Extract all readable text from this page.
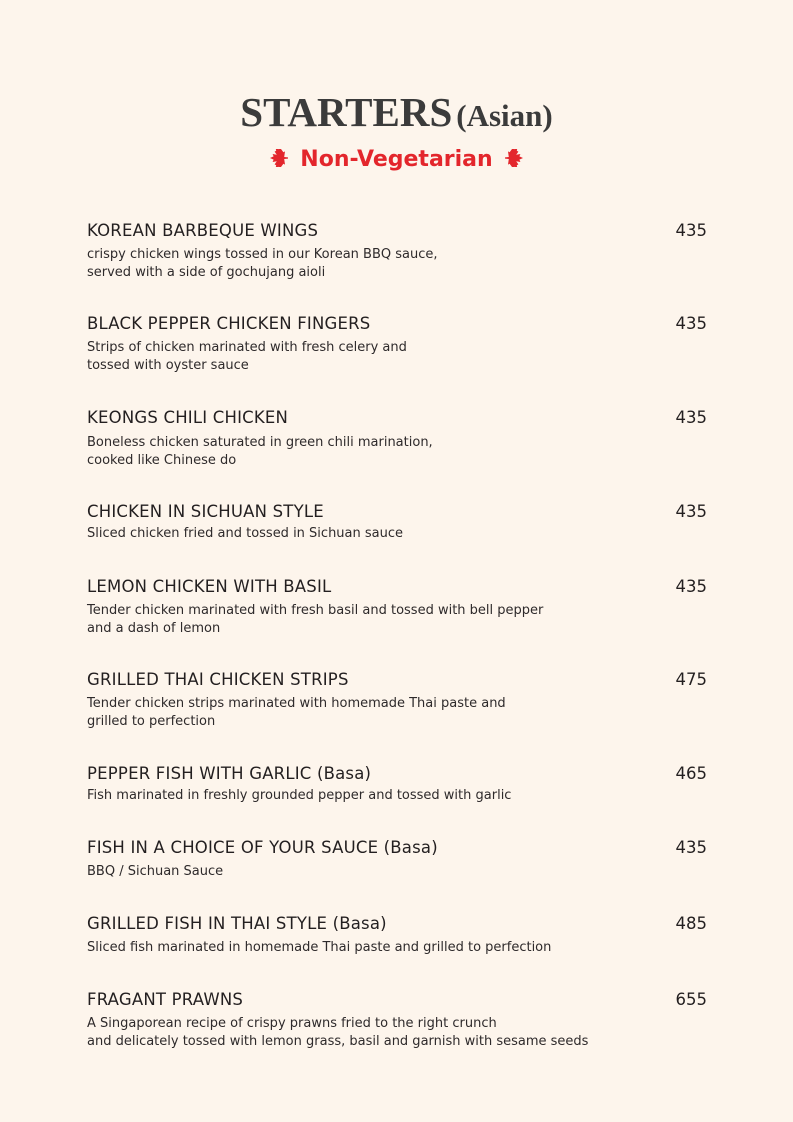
STARTERS (Asian)
Non-Vegetarian
KOREAN BARBEQUE WINGS	435
crispy chicken wings tossed in our Korean BBQ sauce,
served with a side of gochujang aioli
BLACK PEPPER CHICKEN FINGERS	435
Strips of chicken marinated with fresh celery and
tossed with oyster sauce
KEONGS CHILI CHICKEN	435
Boneless chicken saturated in green chili marination,
cooked like Chinese do
CHICKEN IN SICHUAN STYLE	435
Sliced chicken fried and tossed in Sichuan sauce
LEMON CHICKEN WITH BASIL	435
Tender chicken marinated with fresh basil and tossed with bell pepper
and a dash of lemon
GRILLED THAI CHICKEN STRIPS	475
Tender chicken strips marinated with homemade Thai paste and
grilled to perfection
PEPPER FISH WITH GARLIC (Basa)	465
Fish marinated in freshly grounded pepper and tossed with garlic
FISH IN A CHOICE OF YOUR SAUCE (Basa)	435
BBQ / Sichuan Sauce
GRILLED FISH IN THAI STYLE (Basa)	485
Sliced fish marinated in homemade Thai paste and grilled to perfection
FRAGANT PRAWNS	655
A Singaporean recipe of crispy prawns fried to the right crunch
and delicately tossed with lemon grass, basil and garnish with sesame seeds
